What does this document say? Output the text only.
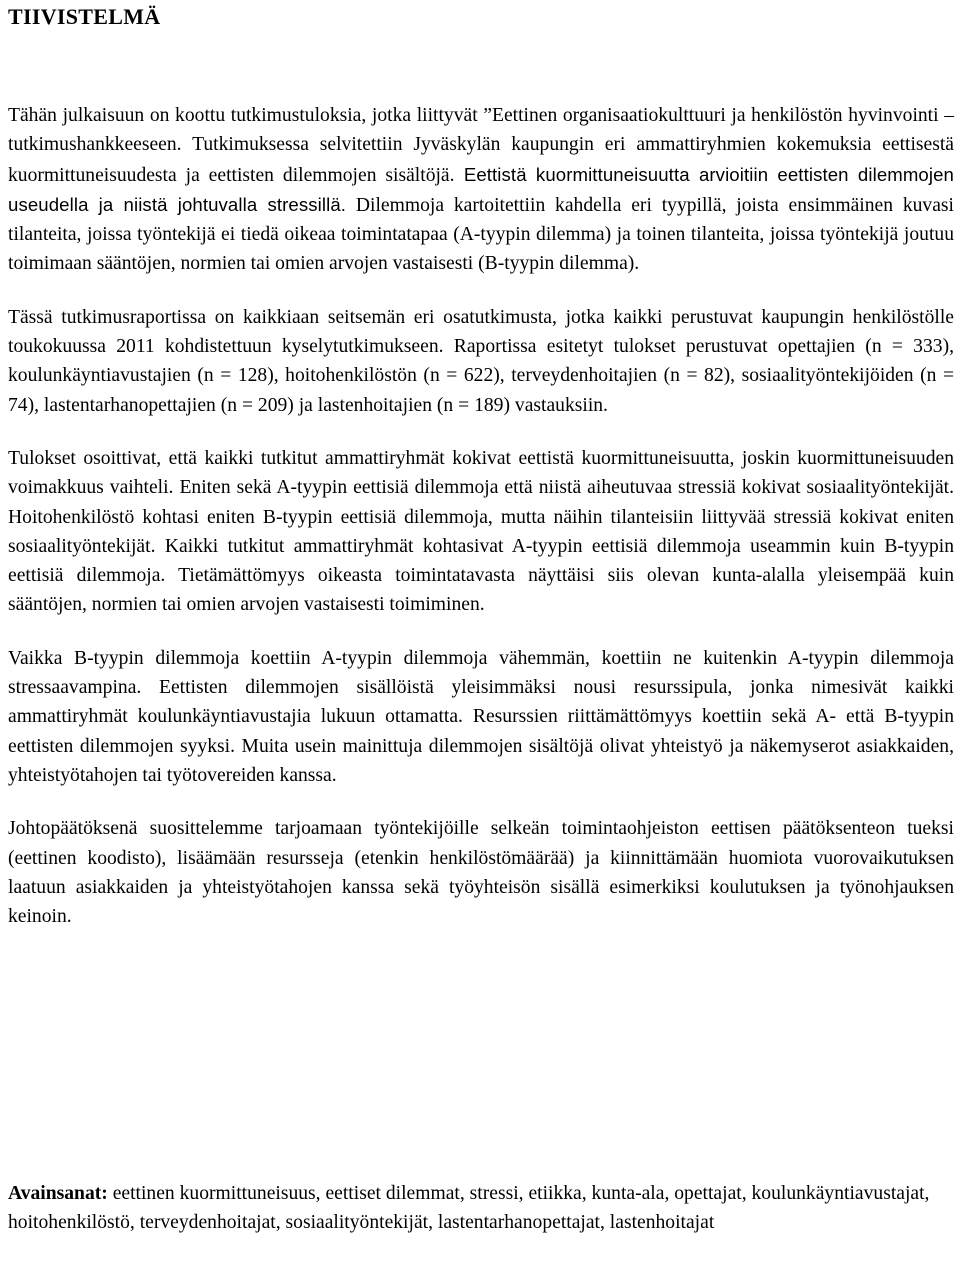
TIIVISTELMÄ

Tähän julkaisuun on koottu tutkimustuloksia, jotka liittyvät ”Eettinen organisaatiokulttuuri ja henkilöstön hyvinvointi – tutkimushankkeeseen. Tutkimuksessa selvitettiin Jyväskylän kaupungin eri ammattiryhmien kokemuksia eettisestä kuormittuneisuudesta ja eettisten dilemmojen sisältöjä. Eettistä kuormittuneisuutta arvioitiin eettisten dilemmojen useudella ja niistä johtuvalla stressillä. Dilemmoja kartoitettiin kahdella eri tyypillä, joista ensimmäinen kuvasi tilanteita, joissa työntekijä ei tiedä oikeaa toimintatapaa (A-tyypin dilemma) ja toinen tilanteita, joissa työntekijä joutuu toimimaan sääntöjen, normien tai omien arvojen vastaisesti (B-tyypin dilemma).

Tässä tutkimusraportissa on kaikkiaan seitsemän eri osatutkimusta, jotka kaikki perustuvat kaupungin henkilöstölle toukokuussa 2011 kohdistettuun kyselytutkimukseen. Raportissa esitetyt tulokset perustuvat opettajien (n = 333), koulunkäyntiavustajien (n = 128), hoitohenkilöstön (n = 622), terveydenhoitajien (n = 82), sosiaalityöntekijöiden (n = 74), lastentarhanopettajien (n = 209) ja lastenhoitajien (n = 189) vastauksiin.

Tulokset osoittivat, että kaikki tutkitut ammattiryhmät kokivat eettistä kuormittuneisuutta, joskin kuormittuneisuuden voimakkuus vaihteli. Eniten sekä A-tyypin eettisiä dilemmoja että niistä aiheutuvaa stressiä kokivat sosiaalityöntekijät. Hoitohenkilöstö kohtasi eniten B-tyypin eettisiä dilemmoja, mutta näihin tilanteisiin liittyvää stressiä kokivat eniten sosiaalityöntekijät. Kaikki tutkitut ammattiryhmät kohtasivat A-tyypin eettisiä dilemmoja useammin kuin B-tyypin eettisiä dilemmoja. Tietämättömyys oikeasta toimintatavasta näyttäisi siis olevan kunta-alalla yleisempää kuin sääntöjen, normien tai omien arvojen vastaisesti toimiminen.

Vaikka B-tyypin dilemmoja koettiin A-tyypin dilemmoja vähemmän, koettiin ne kuitenkin A-tyypin dilemmoja stressaavampina. Eettisten dilemmojen sisällöistä yleisimmäksi nousi resurssipula, jonka nimesivät kaikki ammattiryhmät koulunkäyntiavustajia lukuun ottamatta. Resurssien riittämättömyys koettiin sekä A- että B-tyypin eettisten dilemmojen syyksi. Muita usein mainittuja dilemmojen sisältöjä olivat yhteistyö ja näkemyserot asiakkaiden, yhteistyötahojen tai työtovereiden kanssa.

Johtopäätöksenä suosittelemme tarjoamaan työntekijöille selkeän toimintaohjeiston eettisen päätöksenteon tueksi (eettinen koodisto), lisäämään resursseja (etenkin henkilöstömäärää) ja kiinnittämään huomiota vuorovaikutuksen laatuun asiakkaiden ja yhteistyötahojen kanssa sekä työyhteisön sisällä esimerkiksi koulutuksen ja työnohjauksen keinoin.

Avainsanat: eettinen kuormittuneisuus, eettiset dilemmat, stressi, etiikka, kunta-ala, opettajat, koulunkäyntiavustajat, hoitohenkilöstö, terveydenhoitajat, sosiaalityöntekijät, lastentarhanopettajat, lastenhoitajat
